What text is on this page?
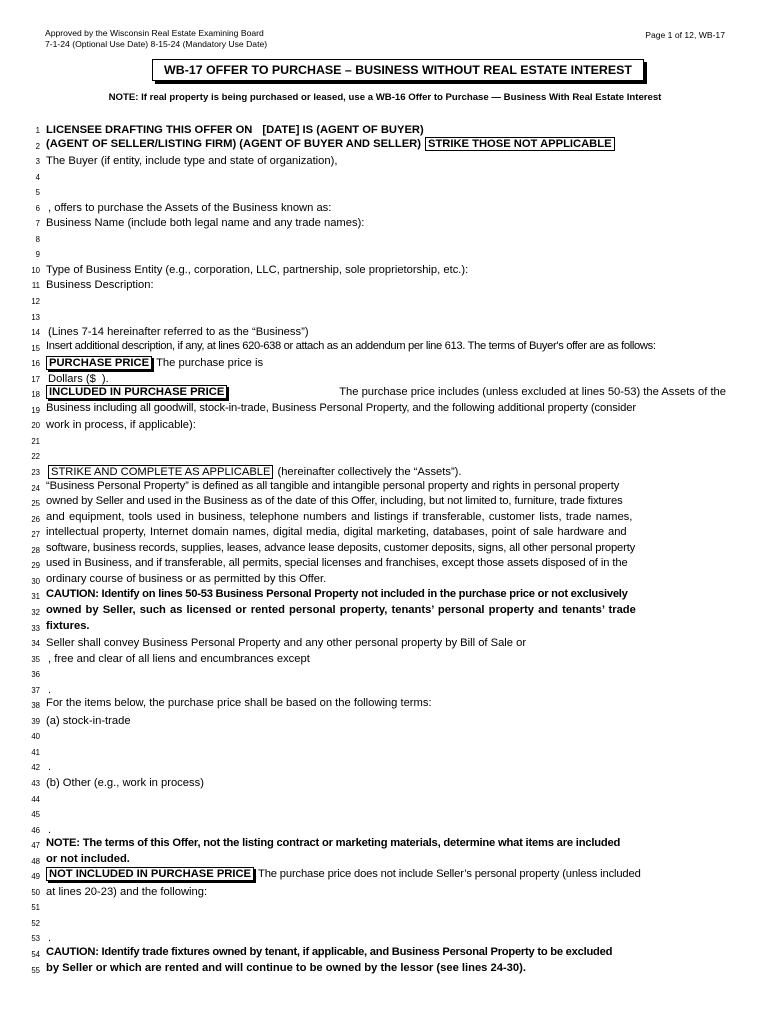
Approved by the Wisconsin Real Estate Examining Board
7-1-24 (Optional Use Date) 8-15-24 (Mandatory Use Date)
Page 1 of 12, WB-17
WB-17 OFFER TO PURCHASE – BUSINESS WITHOUT REAL ESTATE INTEREST
NOTE: If real property is being purchased or leased, use a WB-16 Offer to Purchase — Business With Real Estate Interest
1 LICENSEE DRAFTING THIS OFFER ON [DATE] IS (AGENT OF BUYER)
2 (AGENT OF SELLER/LISTING FIRM) (AGENT OF BUYER AND SELLER) STRIKE THOSE NOT APPLICABLE
3 The Buyer (if entity, include type and state of organization),
4
5
6 , offers to purchase the Assets of the Business known as:
7 Business Name (include both legal name and any trade names):
8
9
10 Type of Business Entity (e.g., corporation, LLC, partnership, sole proprietorship, etc.):
11 Business Description:
12
13
14 (Lines 7-14 hereinafter referred to as the “Business”)
15 Insert additional description, if any, at lines 620-638 or attach as an addendum per line 613. The terms of Buyer's offer are as follows:
16 PURCHASE PRICE The purchase price is
17 Dollars ($ ).
18 INCLUDED IN PURCHASE PRICE	The purchase price includes (unless excluded at lines 50-53) the Assets of the
19 Business including all goodwill, stock-in-trade, Business Personal Property, and the following additional property (consider
20 work in process, if applicable):
21
22
23 STRIKE AND COMPLETE AS APPLICABLE (hereinafter collectively the “Assets”).
24 “Business Personal Property” is defined as all tangible and intangible personal property and rights in personal property
25 owned by Seller and used in the Business as of the date of this Offer, including, but not limited to, furniture, trade fixtures
26 and equipment, tools used in business, telephone numbers and listings if transferable, customer lists, trade names,
27 intellectual property, Internet domain names, digital media, digital marketing, databases, point of sale hardware and
28 software, business records, supplies, leases, advance lease deposits, customer deposits, signs, all other personal property
29 used in Business, and if transferable, all permits, special licenses and franchises, except those assets disposed of in the
30 ordinary course of business or as permitted by this Offer.
31 CAUTION: Identify on lines 50-53 Business Personal Property not included in the purchase price or not exclusively
32 owned by Seller, such as licensed or rented personal property, tenants’ personal property and tenants’ trade
33 fixtures.
34 Seller shall convey Business Personal Property and any other personal property by Bill of Sale or
35 , free and clear of all liens and encumbrances except
36
37 .
38 For the items below, the purchase price shall be based on the following terms:
39 (a) stock-in-trade
40
41
42 .
43 (b) Other (e.g., work in process)
44
45
46 .
47 NOTE: The terms of this Offer, not the listing contract or marketing materials, determine what items are included
48 or not included.
49 NOT INCLUDED IN PURCHASE PRICE The purchase price does not include Seller’s personal property (unless included
50 at lines 20-23) and the following:
51
52
53 .
54 CAUTION: Identify trade fixtures owned by tenant, if applicable, and Business Personal Property to be excluded
55 by Seller or which are rented and will continue to be owned by the lessor (see lines 24-30).
